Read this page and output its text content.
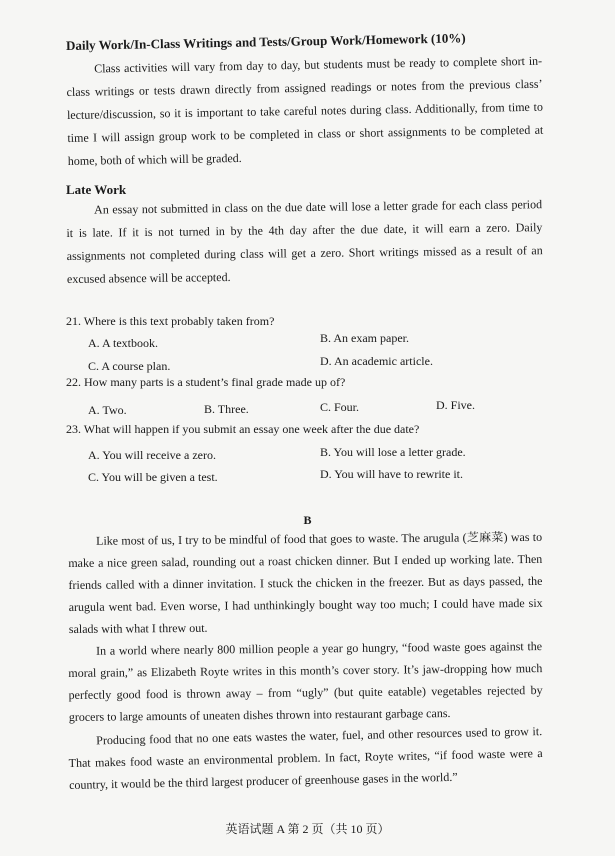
Daily Work/In-Class Writings and Tests/Group Work/Homework (10%)

Class activities will vary from day to day, but students must be ready to complete short in-class writings or tests drawn directly from assigned readings or notes from the previous class’ lecture/discussion, so it is important to take careful notes during class. Additionally, from time to time I will assign group work to be completed in class or short assignments to be completed at home, both of which will be graded.

Late Work

An essay not submitted in class on the due date will lose a letter grade for each class period it is late. If it is not turned in by the 4th day after the due date, it will earn a zero. Daily assignments not completed during class will get a zero. Short writings missed as a result of an excused absence will be accepted.

21. Where is this text probably taken from?
A. A textbook.	B. An exam paper.
C. A course plan.	D. An academic article.
22. How many parts is a student’s final grade made up of?
A. Two.	B. Three.	C. Four.	D. Five.
23. What will happen if you submit an essay one week after the due date?
A. You will receive a zero.	B. You will lose a letter grade.
C. You will be given a test.	D. You will have to rewrite it.
B

Like most of us, I try to be mindful of food that goes to waste. The arugula (芝麻菜) was to make a nice green salad, rounding out a roast chicken dinner. But I ended up working late. Then friends called with a dinner invitation. I stuck the chicken in the freezer. But as days passed, the arugula went bad. Even worse, I had unthinkingly bought way too much; I could have made six salads with what I threw out.

In a world where nearly 800 million people a year go hungry, “food waste goes against the moral grain,” as Elizabeth Royte writes in this month’s cover story. It’s jaw-dropping how much perfectly good food is thrown away – from “ugly” (but quite eatable) vegetables rejected by grocers to large amounts of uneaten dishes thrown into restaurant garbage cans.

Producing food that no one eats wastes the water, fuel, and other resources used to grow it. That makes food waste an environmental problem. In fact, Royte writes, “if food waste were a country, it would be the third largest producer of greenhouse gases in the world.”

英语试题 A 第 2 页（共 10 页）
